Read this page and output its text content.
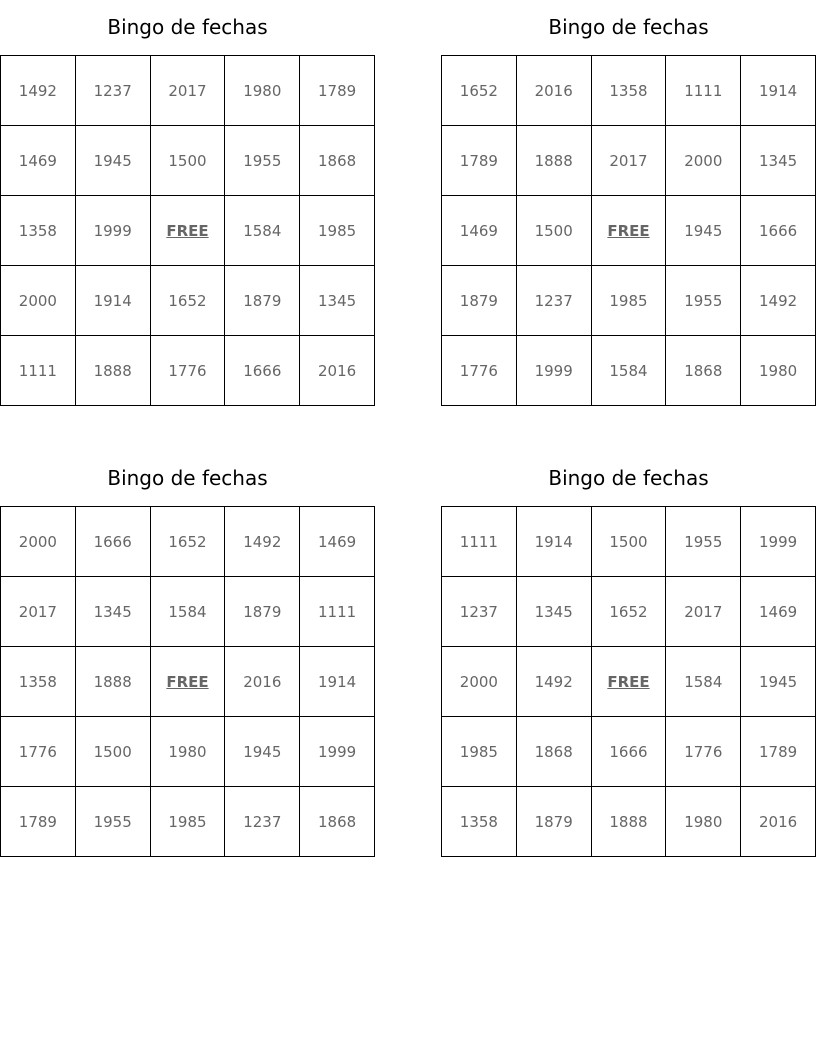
Bingo de fechas
1492	1237	2017	1980	1789
1469	1945	1500	1955	1868
1358	1999	FREE	1584	1985
2000	1914	1652	1879	1345
1111	1888	1776	1666	2016
Bingo de fechas
1652	2016	1358	1111	1914
1789	1888	2017	2000	1345
1469	1500	FREE	1945	1666
1879	1237	1985	1955	1492
1776	1999	1584	1868	1980
Bingo de fechas
2000	1666	1652	1492	1469
2017	1345	1584	1879	1111
1358	1888	FREE	2016	1914
1776	1500	1980	1945	1999
1789	1955	1985	1237	1868
Bingo de fechas
1111	1914	1500	1955	1999
1237	1345	1652	2017	1469
2000	1492	FREE	1584	1945
1985	1868	1666	1776	1789
1358	1879	1888	1980	2016
